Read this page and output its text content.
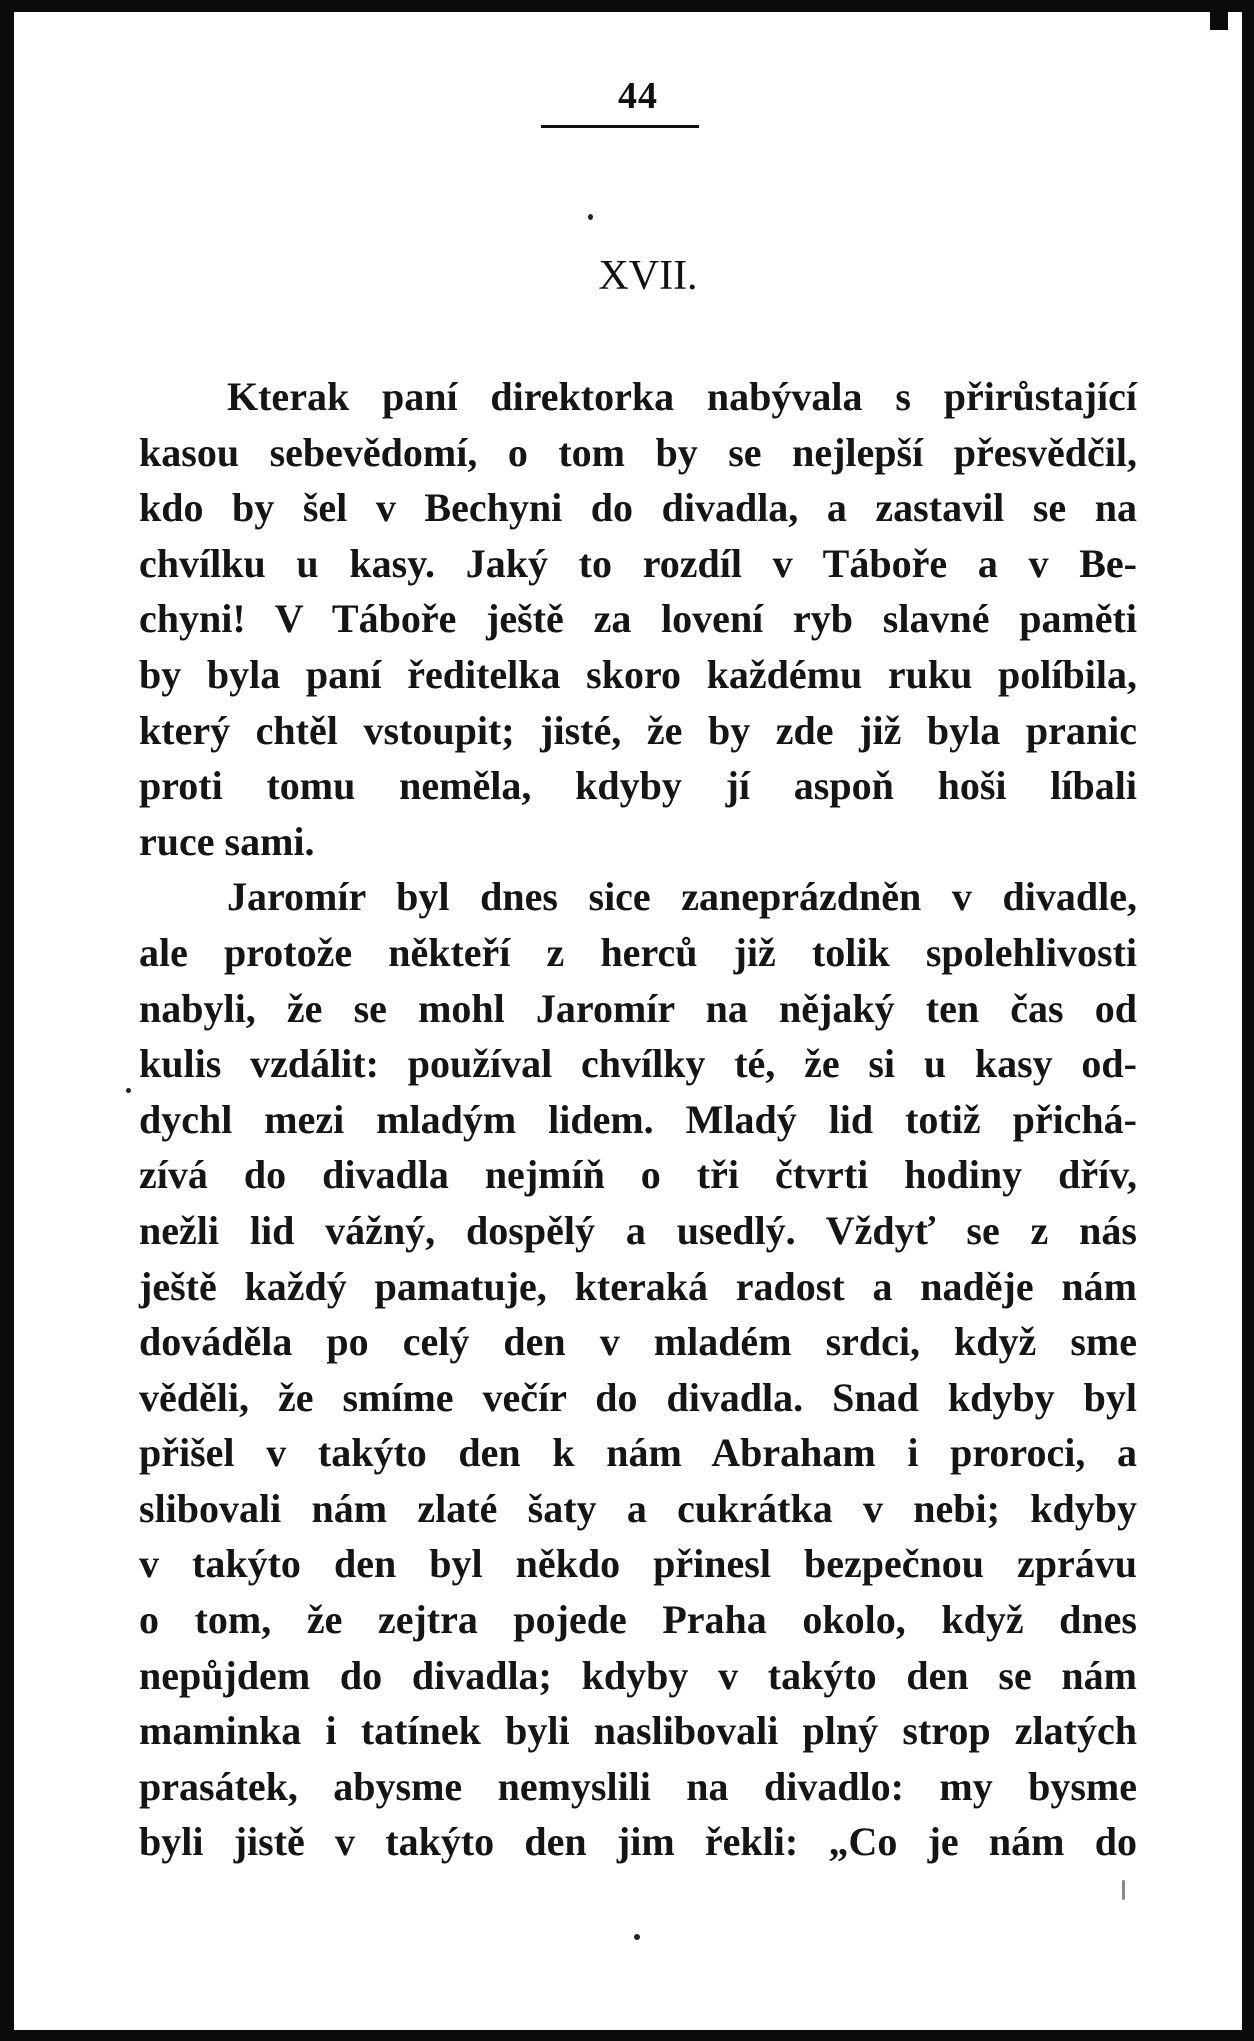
44
XVII.
Kterak paní direktorka nabývala s přirůstající
kasou sebevědomí, o tom by se nejlepší přesvědčil,
kdo by šel v Bechyni do divadla, a zastavil se na
chvílku u kasy. Jaký to rozdíl v Táboře a v Be-
chyni! V Táboře ještě za lovení ryb slavné paměti
by byla paní ředitelka skoro každému ruku políbila,
který chtěl vstoupit; jisté, že by zde již byla pranic
proti tomu neměla, kdyby jí aspoň hoši líbali
ruce sami.
Jaromír byl dnes sice zaneprázdněn v divadle,
ale protože někteří z herců již tolik spolehlivosti
nabyli, že se mohl Jaromír na nějaký ten čas od
kulis vzdálit: používal chvílky té, že si u kasy od-
dychl mezi mladým lidem. Mladý lid totiž přichá-
zívá do divadla nejmíň o tři čtvrti hodiny dřív,
nežli lid vážný, dospělý a usedlý. Vždyť se z nás
ještě každý pamatuje, kteraká radost a naděje nám
dováděla po celý den v mladém srdci, když sme
věděli, že smíme večír do divadla. Snad kdyby byl
přišel v takýto den k nám Abraham i proroci, a
slibovali nám zlaté šaty a cukrátka v nebi; kdyby
v takýto den byl někdo přinesl bezpečnou zprávu
o tom, že zejtra pojede Praha okolo, když dnes
nepůjdem do divadla; kdyby v takýto den se nám
maminka i tatínek byli naslibovali plný strop zlatých
prasátek, abysme nemyslili na divadlo: my bysme
byli jistě v takýto den jim řekli: „Co je nám do
